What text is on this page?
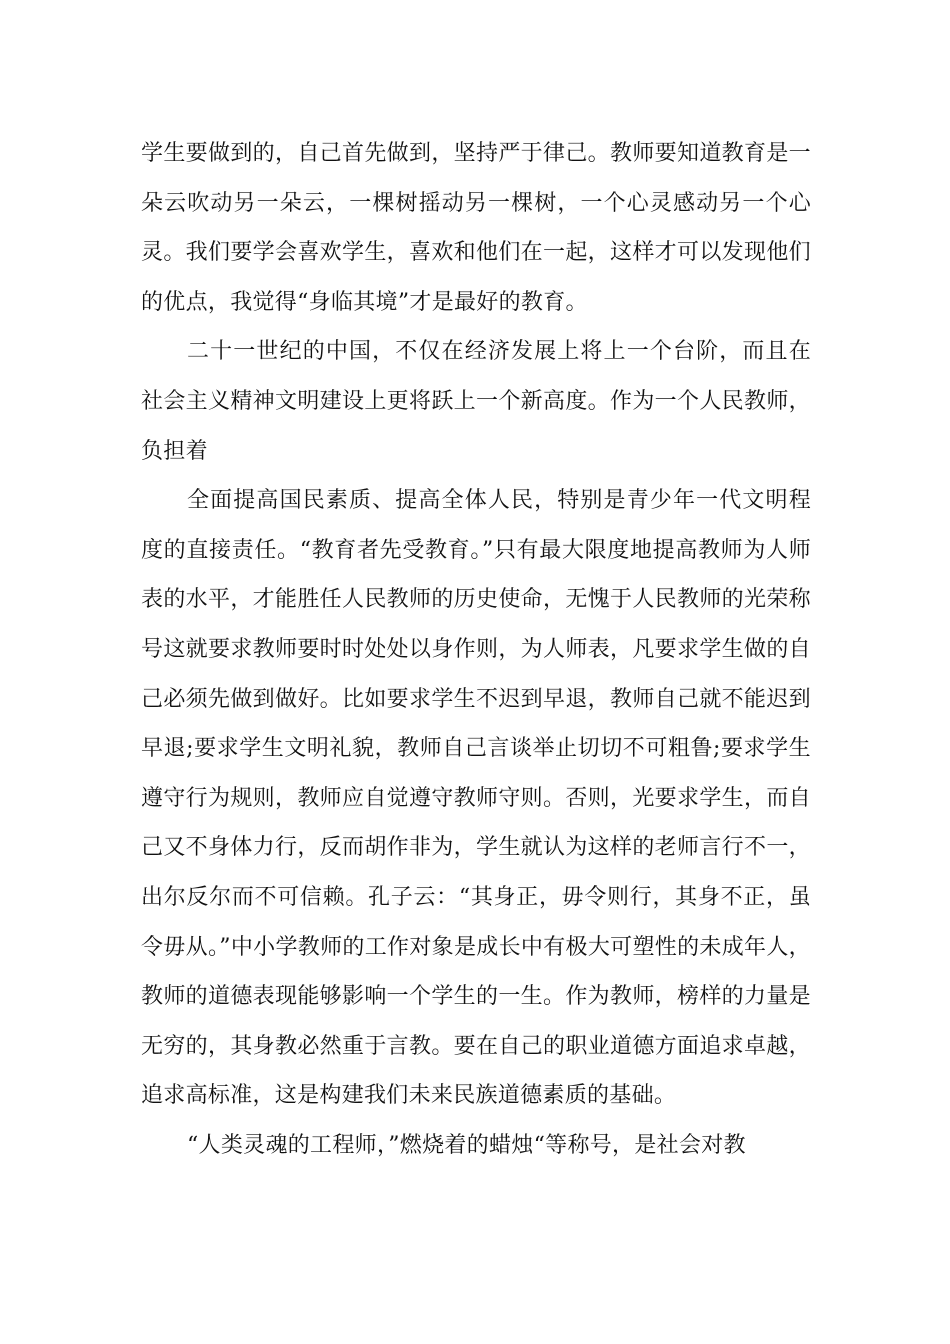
学生要做到的，自己首先做到，坚持严于律己。教师要知道教育是一朵云吹动另一朵云，一棵树摇动另一棵树，一个心灵感动另一个心灵。我们要学会喜欢学生，喜欢和他们在一起，这样才可以发现他们的优点，我觉得“身临其境”才是最好的教育。

二十一世纪的中国，不仅在经济发展上将上一个台阶，而且在社会主义精神文明建设上更将跃上一个新高度。作为一个人民教师，负担着

全面提高国民素质、提高全体人民，特别是青少年一代文明程度的直接责任。“教育者先受教育。”只有最大限度地提高教师为人师表的水平，才能胜任人民教师的历史使命，无愧于人民教师的光荣称号这就要求教师要时时处处以身作则，为人师表，凡要求学生做的自己必须先做到做好。比如要求学生不迟到早退，教师自己就不能迟到早退;要求学生文明礼貌，教师自己言谈举止切切不可粗鲁;要求学生遵守行为规则，教师应自觉遵守教师守则。否则，光要求学生，而自己又不身体力行，反而胡作非为，学生就认为这样的老师言行不一，出尔反尔而不可信赖。孔子云：“其身正，毋令则行，其身不正，虽令毋从。”中小学教师的工作对象是成长中有极大可塑性的未成年人，教师的道德表现能够影响一个学生的一生。作为教师，榜样的力量是无穷的，其身教必然重于言教。要在自己的职业道德方面追求卓越，追求高标准，这是构建我们未来民族道德素质的基础。

“人类灵魂的工程师，”燃烧着的蜡烛“等称号，是社会对教
